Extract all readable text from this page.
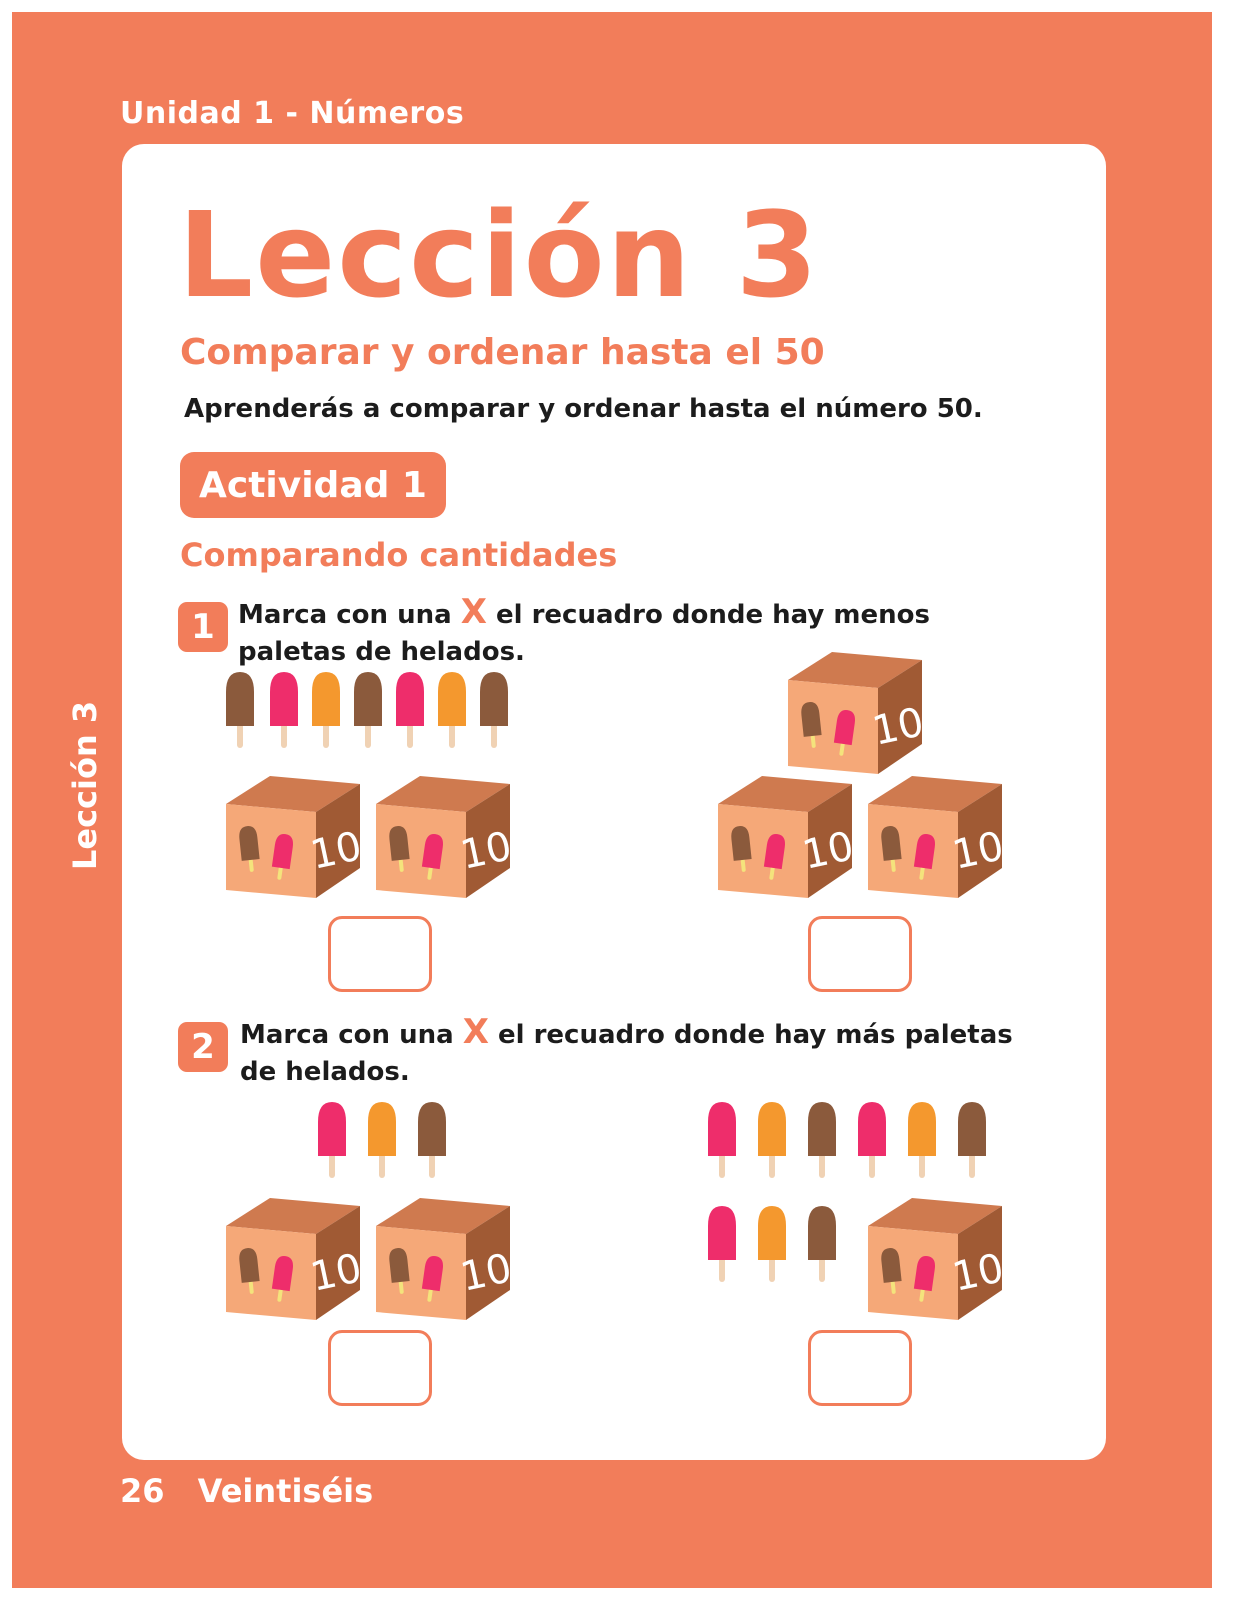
Unidad 1 - Números
Lección 3
Lección 3
Comparar y ordenar hasta el 50
Aprenderás a comparar y ordenar hasta el número 50.
Actividad 1
Comparando cantidades
1 Marca con una X el recuadro donde hay menos paletas de helados.
2 Marca con una X el recuadro donde hay más paletas de helados.
10
26 Veintiséis
